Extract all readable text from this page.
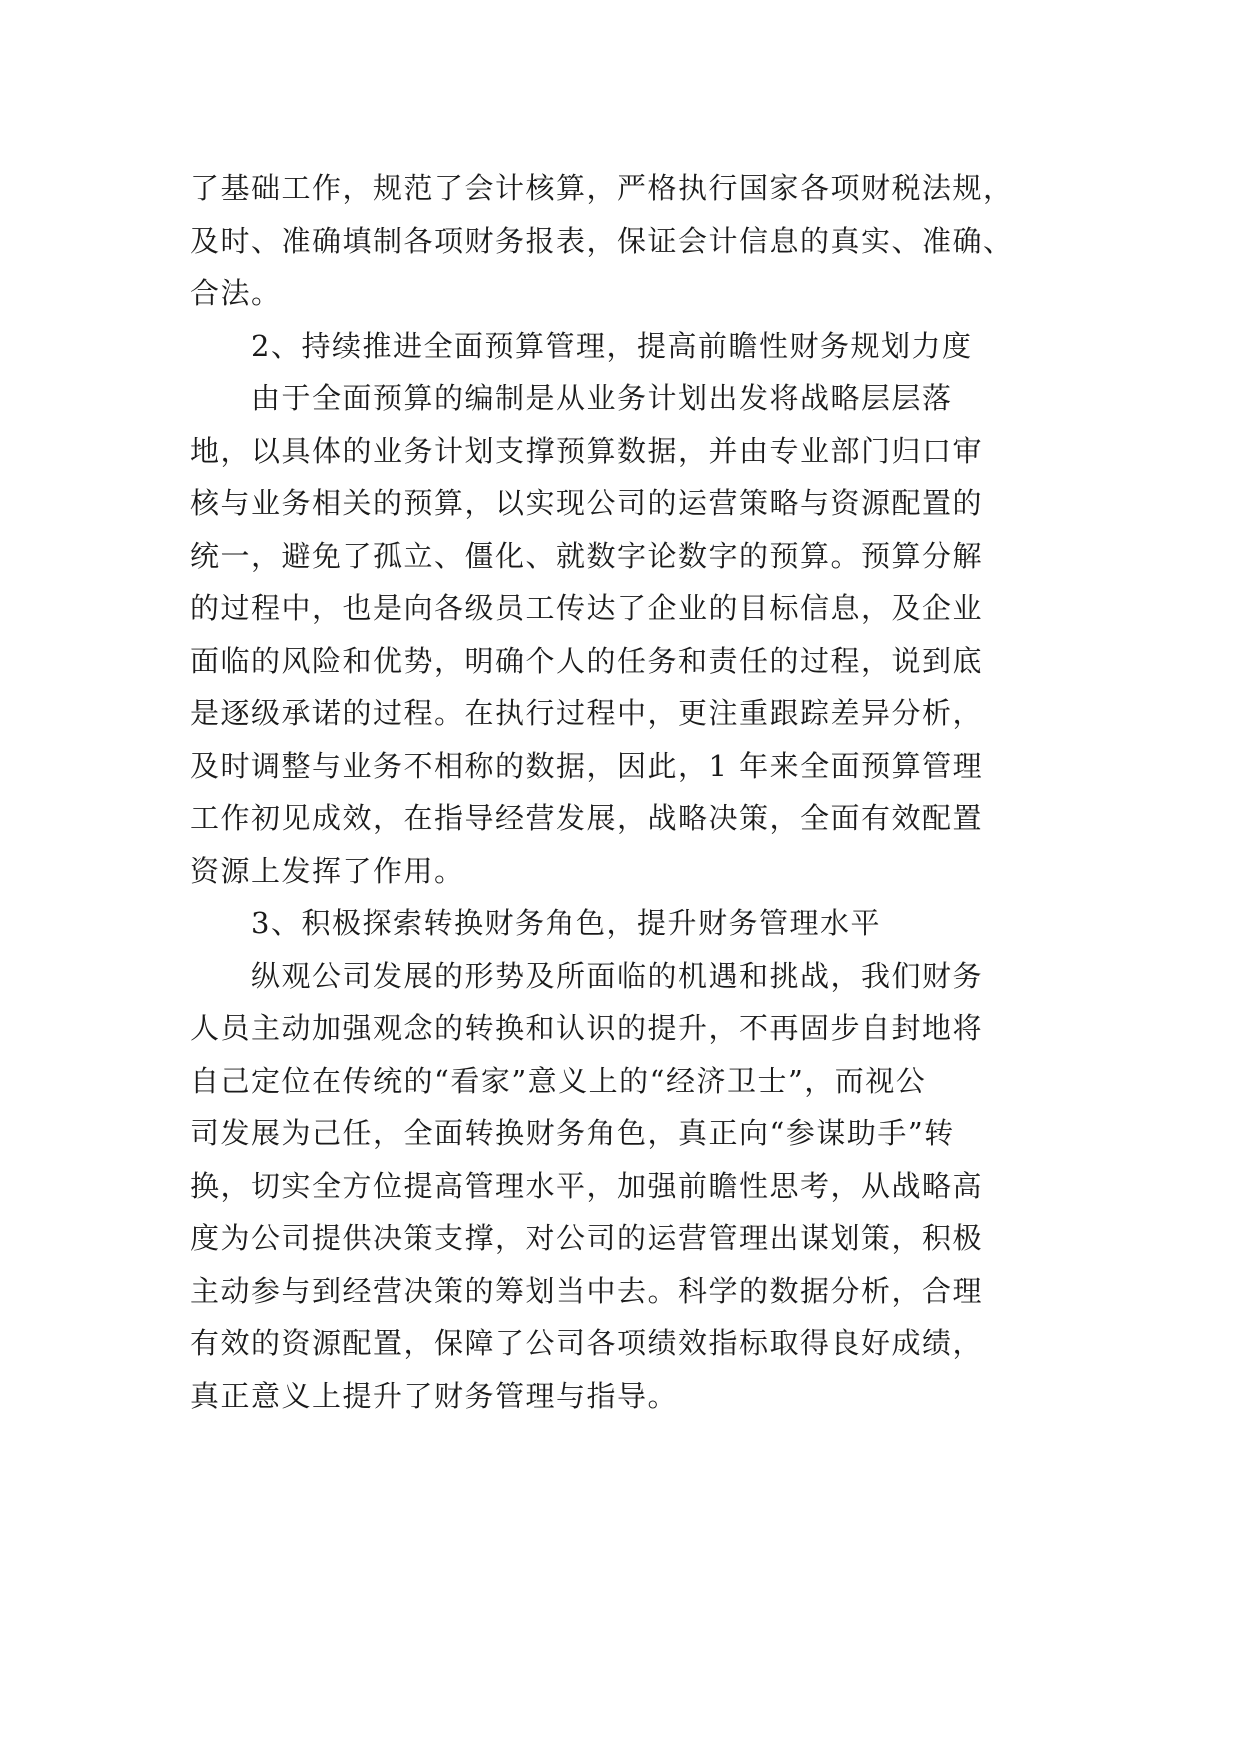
了基础工作，规范了会计核算，严格执行国家各项财税法规，
及时、准确填制各项财务报表，保证会计信息的真实、准确、
合法。
2、持续推进全面预算管理，提高前瞻性财务规划力度
由于全面预算的编制是从业务计划出发将战略层层落
地，以具体的业务计划支撑预算数据，并由专业部门归口审
核与业务相关的预算，以实现公司的运营策略与资源配置的
统一，避免了孤立、僵化、就数字论数字的预算。预算分解
的过程中，也是向各级员工传达了企业的目标信息，及企业
面临的风险和优势，明确个人的任务和责任的过程，说到底
是逐级承诺的过程。在执行过程中，更注重跟踪差异分析，
及时调整与业务不相称的数据，因此，1 年来全面预算管理
工作初见成效，在指导经营发展，战略决策，全面有效配置
资源上发挥了作用。
3、积极探索转换财务角色，提升财务管理水平
纵观公司发展的形势及所面临的机遇和挑战，我们财务
人员主动加强观念的转换和认识的提升，不再固步自封地将
自己定位在传统的“看家”意义上的“经济卫士”，而视公
司发展为己任，全面转换财务角色，真正向“参谋助手”转
换，切实全方位提高管理水平，加强前瞻性思考，从战略高
度为公司提供决策支撑，对公司的运营管理出谋划策，积极
主动参与到经营决策的筹划当中去。科学的数据分析，合理
有效的资源配置，保障了公司各项绩效指标取得良好成绩，
真正意义上提升了财务管理与指导。
